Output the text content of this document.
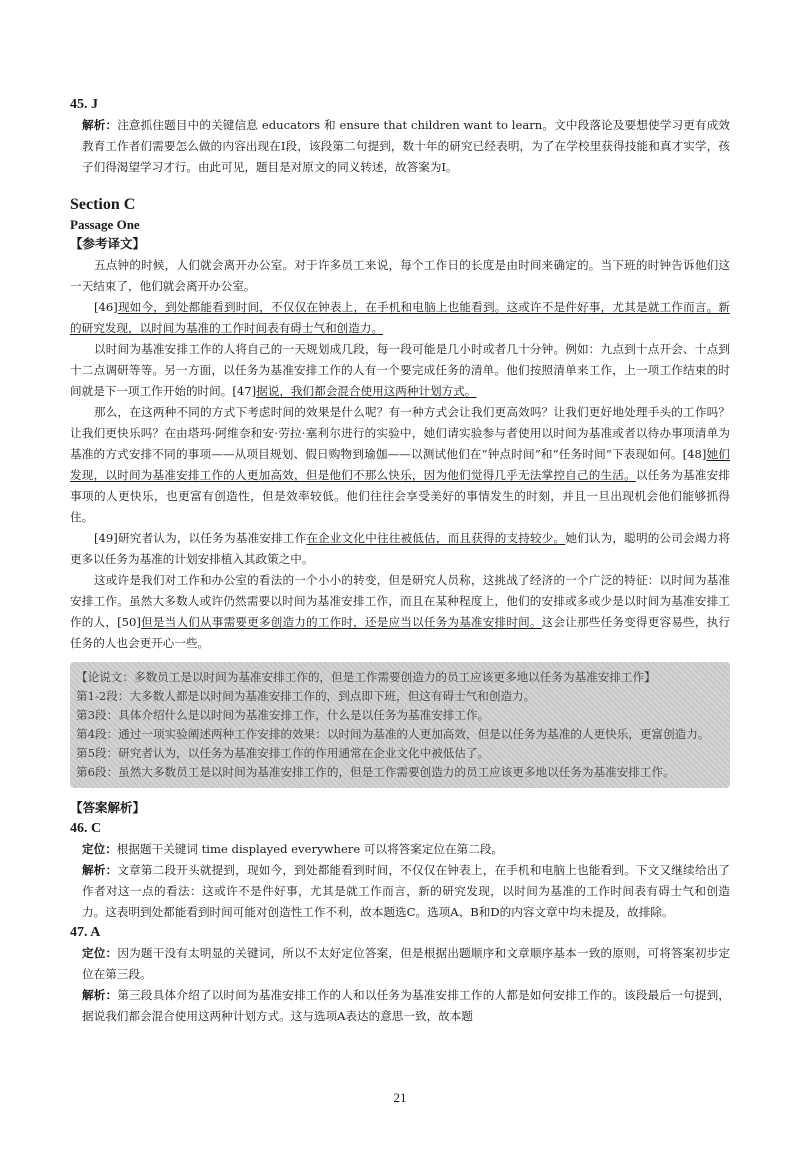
45. J

解析：注意抓住题目中的关键信息 educators 和 ensure that children want to learn。文中段落论及要想使学习更有成效教育工作者们需要怎么做的内容出现在I段，该段第二句提到，数十年的研究已经表明，为了在学校里获得技能和真才实学，孩子们得渴望学习才行。由此可见，题目是对原文的同义转述，故答案为I。

Section C

Passage One

【参考译文】

五点钟的时候，人们就会离开办公室。对于许多员工来说，每个工作日的长度是由时间来确定的。当下班的时钟告诉他们这一天结束了，他们就会离开办公室。

[46]现如今，到处都能看到时间，不仅仅在钟表上，在手机和电脑上也能看到。这或许不是件好事，尤其是就工作而言。新的研究发现，以时间为基准的工作时间表有碍士气和创造力。

以时间为基准安排工作的人将自己的一天规划成几段，每一段可能是几小时或者几十分钟。例如：九点到十点开会、十点到十二点调研等等。另一方面，以任务为基准安排工作的人有一个要完成任务的清单。他们按照清单来工作，上一项工作结束的时间就是下一项工作开始的时间。[47]据说，我们都会混合使用这两种计划方式。

那么，在这两种不同的方式下考虑时间的效果是什么呢？有一种方式会让我们更高效吗？让我们更好地处理手头的工作吗？让我们更快乐吗？在由塔玛·阿维奈和安·劳拉·塞利尔进行的实验中，她们请实验参与者使用以时间为基准或者以待办事项清单为基准的方式安排不同的事项——从项目规划、假日购物到瑜伽——以测试他们在“钟点时间”和“任务时间”下表现如何。[48]她们发现，以时间为基准安排工作的人更加高效，但是他们不那么快乐，因为他们觉得几乎无法掌控自己的生活。以任务为基准安排事项的人更快乐，也更富有创造性，但是效率较低。他们往往会享受美好的事情发生的时刻，并且一旦出现机会他们能够抓得住。

[49]研究者认为，以任务为基准安排工作在企业文化中往往被低估，而且获得的支持较少。她们认为，聪明的公司会竭力将更多以任务为基准的计划安排植入其政策之中。

这或许是我们对工作和办公室的看法的一个小小的转变，但是研究人员称，这挑战了经济的一个广泛的特征：以时间为基准安排工作。虽然大多数人或许仍然需要以时间为基准安排工作，而且在某种程度上，他们的安排或多或少是以时间为基准安排工作的人，[50]但是当人们从事需要更多创造力的工作时，还是应当以任务为基准安排时间。这会让那些任务变得更容易些，执行任务的人也会更开心一些。

【论说文：多数员工是以时间为基准安排工作的，但是工作需要创造力的员工应该更多地以任务为基准安排工作】

第1-2段：大多数人都是以时间为基准安排工作的，到点即下班，但这有碍士气和创造力。

第3段：具体介绍什么是以时间为基准安排工作，什么是以任务为基准安排工作。

第4段：通过一项实验阐述两种工作安排的效果：以时间为基准的人更加高效，但是以任务为基准的人更快乐，更富创造力。

第5段：研究者认为，以任务为基准安排工作的作用通常在企业文化中被低估了。

第6段：虽然大多数员工是以时间为基准安排工作的，但是工作需要创造力的员工应该更多地以任务为基准安排工作。

【答案解析】

46. C

定位：根据题干关键词 time displayed everywhere 可以将答案定位在第二段。

解析：文章第二段开头就提到，现如今，到处都能看到时间，不仅仅在钟表上，在手机和电脑上也能看到。下文又继续给出了作者对这一点的看法：这或许不是件好事，尤其是就工作而言，新的研究发现，以时间为基准的工作时间表有碍士气和创造力。这表明到处都能看到时间可能对创造性工作不利，故本题选C。选项A、B和D的内容文章中均未提及，故排除。

47. A

定位：因为题干没有太明显的关键词，所以不太好定位答案，但是根据出题顺序和文章顺序基本一致的原则，可将答案初步定位在第三段。

解析：第三段具体介绍了以时间为基准安排工作的人和以任务为基准安排工作的人都是如何安排工作的。该段最后一句提到，据说我们都会混合使用这两种计划方式。这与选项A表达的意思一致，故本题

21
